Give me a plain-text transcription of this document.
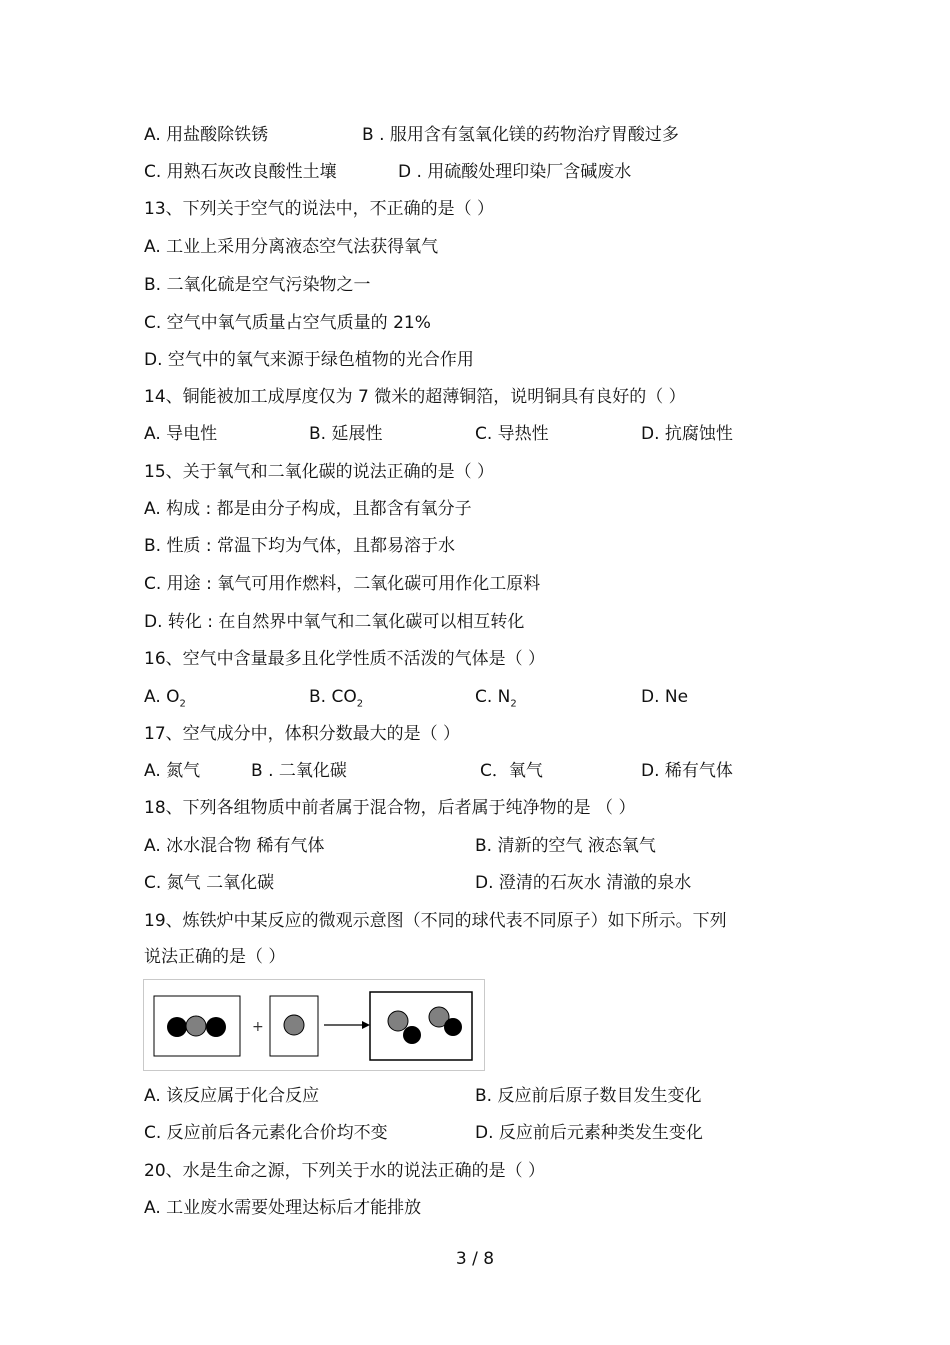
A. 用盐酸除铁锈	B . 服用含有氢氧化镁的药物治疗胃酸过多
C. 用熟石灰改良酸性土壤	D . 用硫酸处理印染厂含碱废水
13、下列关于空气的说法中，不正确的是（ ）
A. 工业上采用分离液态空气法获得氧气
B. 二氧化硫是空气污染物之一
C. 空气中氧气质量占空气质量的 21%
D. 空气中的氧气来源于绿色植物的光合作用
14、铜能被加工成厚度仅为 7 微米的超薄铜箔，说明铜具有良好的（ ）
A. 导电性	B. 延展性	C. 导热性	D. 抗腐蚀性
15、关于氧气和二氧化碳的说法正确的是（ ）
A. 构成 : 都是由分子构成，且都含有氧分子
B. 性质 : 常温下均为气体，且都易溶于水
C. 用途 : 氧气可用作燃料，二氧化碳可用作化工原料
D. 转化 : 在自然界中氧气和二氧化碳可以相互转化
16、空气中含量最多且化学性质不活泼的气体是（ ）
A. $O_2$	B. $CO_2$	C. $N_2$	D. Ne
17、空气成分中，体积分数最大的是（ ）
A. 氮气	B . 二氧化碳	C．氧气	D. 稀有气体
18、下列各组物质中前者属于混合物，后者属于纯净物的是 （ ）
A. 冰水混合物 稀有气体	B. 清新的空气 液态氧气
C. 氮气 二氧化碳	D. 澄清的石灰水 清澈的泉水
19、炼铁炉中某反应的微观示意图（不同的球代表不同原子）如下所示。下列
说法正确的是（ ）
+
A. 该反应属于化合反应	B. 反应前后原子数目发生变化
C. 反应前后各元素化合价均不变	D. 反应前后元素种类发生变化
20、水是生命之源，下列关于水的说法正确的是（ ）
A. 工业废水需要处理达标后才能排放
3 / 8
